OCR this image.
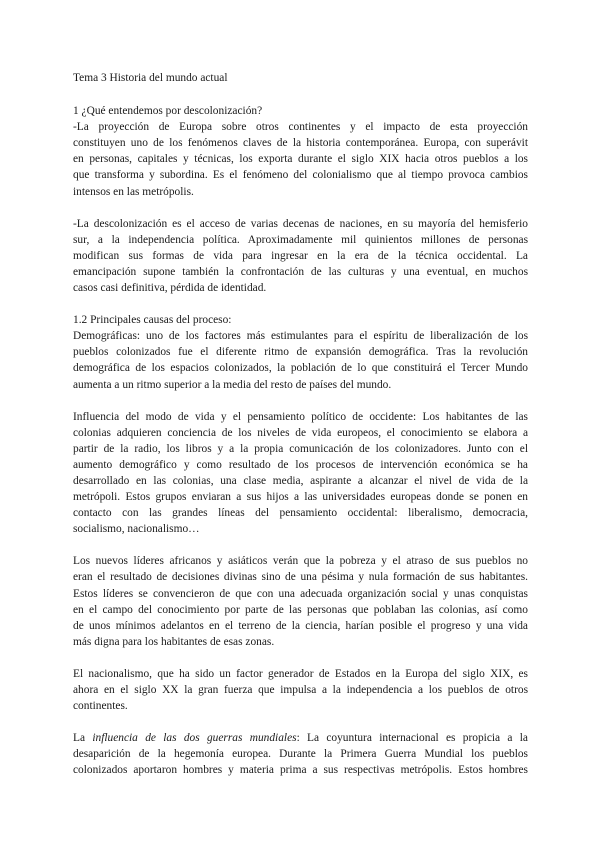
Tema 3 Historia del mundo actual
1 ¿Qué entendemos por descolonización?
-La proyección de Europa sobre otros continentes y el impacto de esta proyección
constituyen uno de los fenómenos claves de la historia contemporánea. Europa, con superávit
en personas, capitales y técnicas, los exporta durante el siglo XIX hacia otros pueblos a los
que transforma y subordina. Es el fenómeno del colonialismo que al tiempo provoca cambios
intensos en las metrópolis.
-La descolonización es el acceso de varias decenas de naciones, en su mayoría del hemisferio
sur, a la independencia política. Aproximadamente mil quinientos millones de personas
modifican sus formas de vida para ingresar en la era de la técnica occidental. La
emancipación supone también la confrontación de las culturas y una eventual, en muchos
casos casi definitiva, pérdida de identidad.
1.2 Principales causas del proceso:
Demográficas: uno de los factores más estimulantes para el espíritu de liberalización de los
pueblos colonizados fue el diferente ritmo de expansión demográfica. Tras la revolución
demográfica de los espacios colonizados, la población de lo que constituirá el Tercer Mundo
aumenta a un ritmo superior a la media del resto de países del mundo.
Influencia del modo de vida y el pensamiento político de occidente: Los habitantes de las
colonias adquieren conciencia de los niveles de vida europeos, el conocimiento se elabora a
partir de la radio, los libros y a la propia comunicación de los colonizadores. Junto con el
aumento demográfico y como resultado de los procesos de intervención económica se ha
desarrollado en las colonias, una clase media, aspirante a alcanzar el nivel de vida de la
metrópoli. Estos grupos enviaran a sus hijos a las universidades europeas donde se ponen en
contacto con las grandes líneas del pensamiento occidental: liberalismo, democracia,
socialismo, nacionalismo…
Los nuevos líderes africanos y asiáticos verán que la pobreza y el atraso de sus pueblos no
eran el resultado de decisiones divinas sino de una pésima y nula formación de sus habitantes.
Estos líderes se convencieron de que con una adecuada organización social y unas conquistas
en el campo del conocimiento por parte de las personas que poblaban las colonias, así como
de unos mínimos adelantos en el terreno de la ciencia, harían posible el progreso y una vida
más digna para los habitantes de esas zonas.
El nacionalismo, que ha sido un factor generador de Estados en la Europa del siglo XIX, es
ahora en el siglo XX la gran fuerza que impulsa a la independencia a los pueblos de otros
continentes.
La influencia de las dos guerras mundiales: La coyuntura internacional es propicia a la
desaparición de la hegemonía europea. Durante la Primera Guerra Mundial los pueblos
colonizados aportaron hombres y materia prima a sus respectivas metrópolis. Estos hombres
